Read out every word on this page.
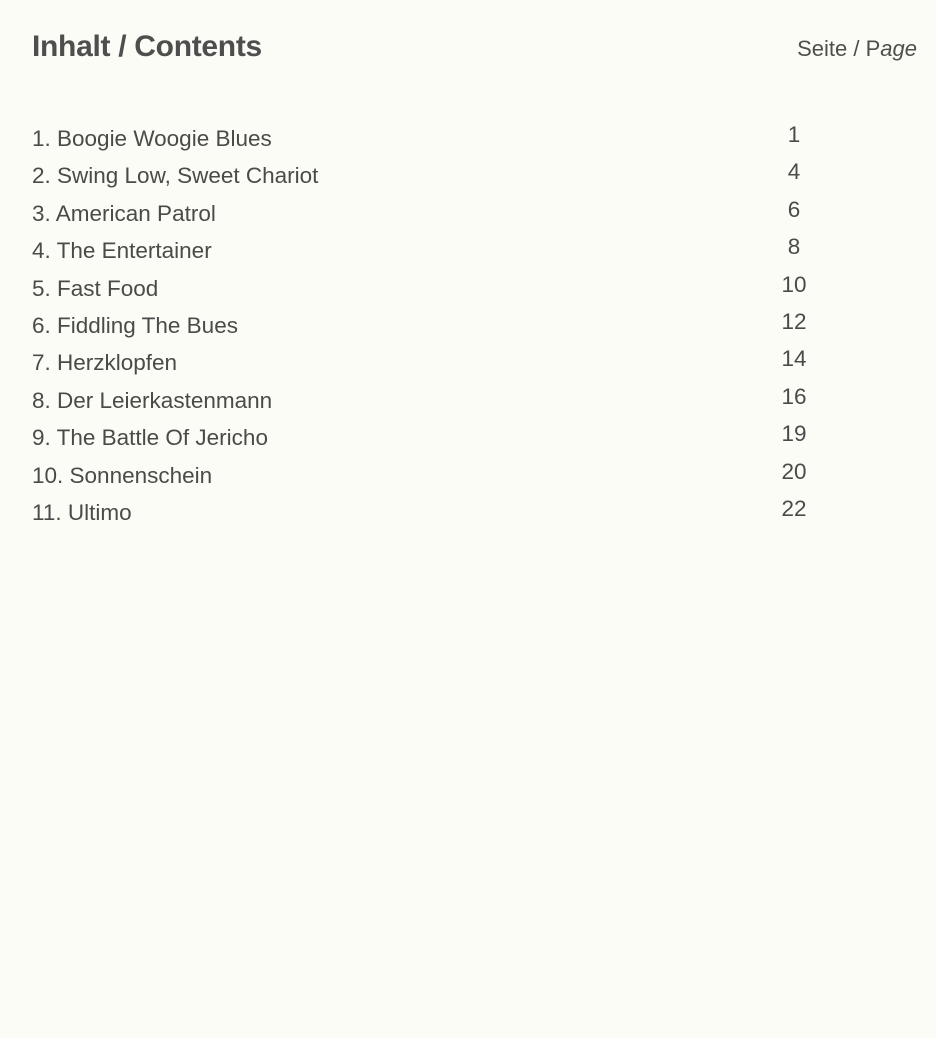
Inhalt / Contents	Seite / Page
1. Boogie Woogie Blues	1
2. Swing Low, Sweet Chariot	4
3. American Patrol	6
4. The Entertainer	8
5. Fast Food	10
6. Fiddling The Bues	12
7. Herzklopfen	14
8. Der Leierkastenmann	16
9. The Battle Of Jericho	19
10. Sonnenschein	20
11. Ultimo	22
